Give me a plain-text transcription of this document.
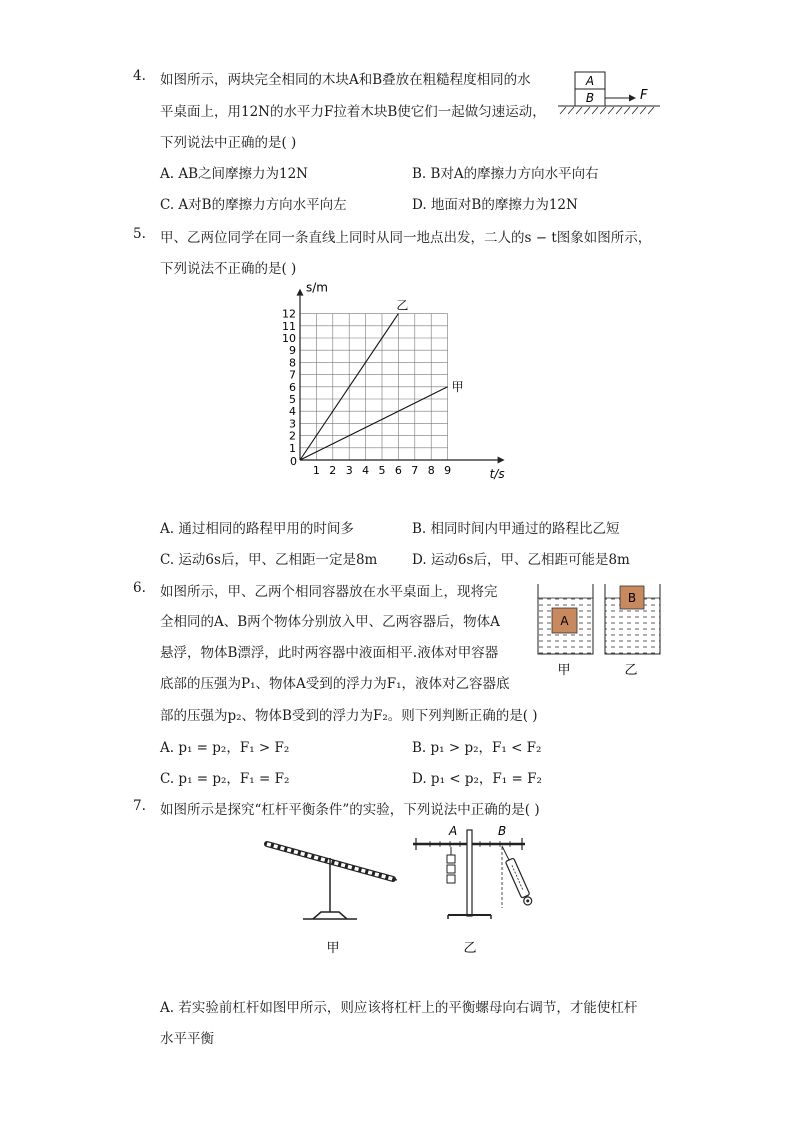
4. 如图所示，两块完全相同的木块A和B叠放在粗糙程度相同的水
平桌面上，用12N的水平力F拉着木块B使它们一起做匀速运动，
下列说法中正确的是( )
A. AB之间摩擦力为12N	B. B对A的摩擦力方向水平向右
C. A对B的摩擦力方向水平向左	D. 地面对B的摩擦力为12N
A
B	F
5. 甲、乙两位同学在同一条直线上同时从同一地点出发，二人的s − t图象如图所示，
下列说法不正确的是( )
1 2 3 4 5 6 7 8 9
1
2
3
4
5
6
7
8
9
10
11
12
0
s/m
t/s
乙
甲
A. 通过相同的路程甲用的时间多	B. 相同时间内甲通过的路程比乙短
C. 运动6s后，甲、乙相距一定是8m	D. 运动6s后，甲、乙相距可能是8m
6. 如图所示，甲、乙两个相同容器放在水平桌面上，现将完
全相同的A、B两个物体分别放入甲、乙两容器后，物体A
悬浮，物体B漂浮，此时两容器中液面相平.液体对甲容器
底部的压强为P₁、物体A受到的浮力为F₁，液体对乙容器底
部的压强为p₂、物体B受到的浮力为F₂。则下列判断正确的是( )
A. p₁ = p₂，F₁ > F₂	B. p₁ > p₂，F₁ < F₂
C. p₁ = p₂，F₁ = F₂	D. p₁ < p₂，F₁ = F₂
A
B
甲	乙
7. 如图所示是探究“杠杆平衡条件”的实验，下列说法中正确的是( )
甲
A	B
乙
A. 若实验前杠杆如图甲所示，则应该将杠杆上的平衡螺母向右调节，才能使杠杆
水平平衡
